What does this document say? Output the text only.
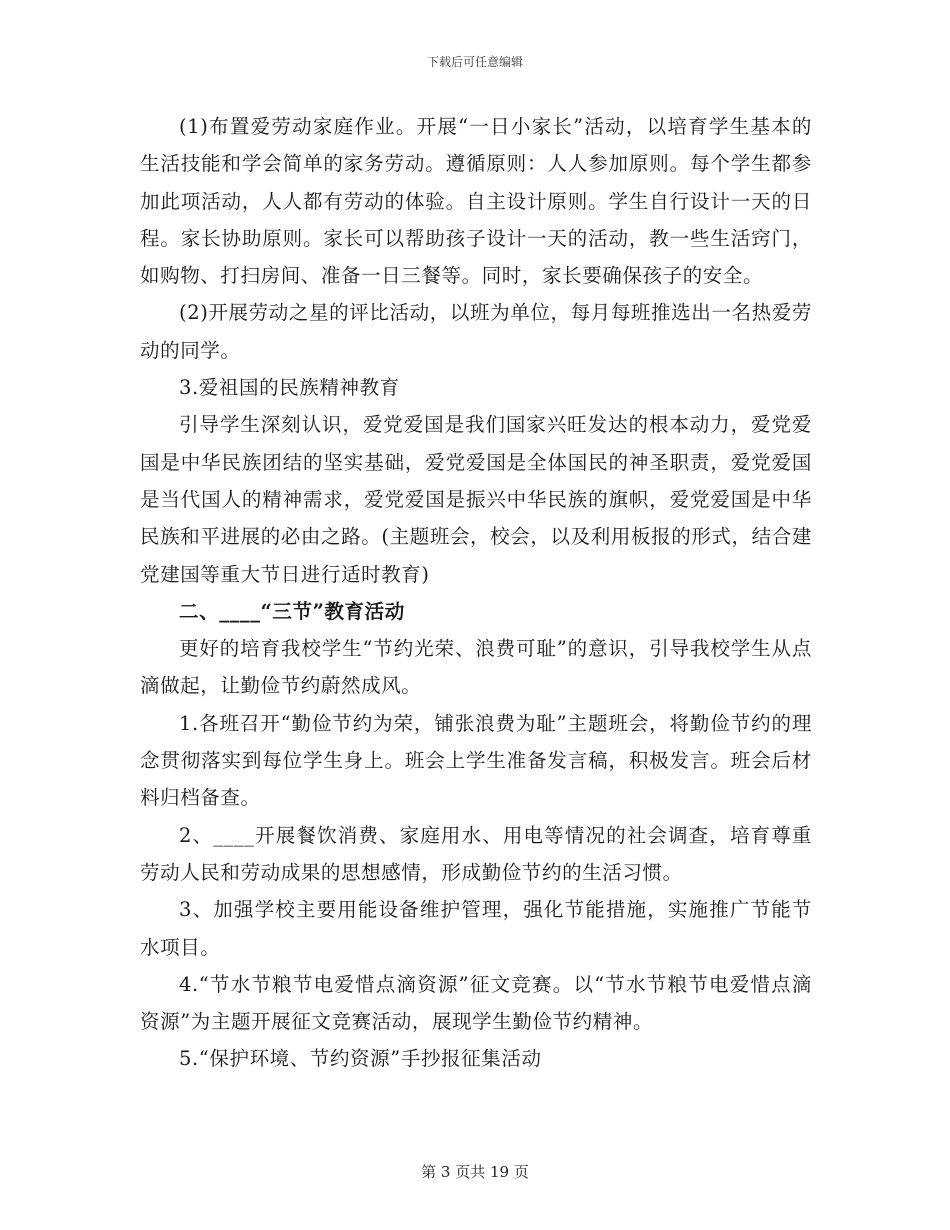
下载后可任意编辑

(1)布置爱劳动家庭作业。开展“一日小家长”活动，以培育学生基本的生活技能和学会简单的家务劳动。遵循原则：人人参加原则。每个学生都参加此项活动，人人都有劳动的体验。自主设计原则。学生自行设计一天的日程。家长协助原则。家长可以帮助孩子设计一天的活动，教一些生活窍门，如购物、打扫房间、准备一日三餐等。同时，家长要确保孩子的安全。

(2)开展劳动之星的评比活动，以班为单位，每月每班推选出一名热爱劳动的同学。

3.爱祖国的民族精神教育

引导学生深刻认识，爱党爱国是我们国家兴旺发达的根本动力，爱党爱国是中华民族团结的坚实基础，爱党爱国是全体国民的神圣职责，爱党爱国是当代国人的精神需求，爱党爱国是振兴中华民族的旗帜，爱党爱国是中华民族和平进展的必由之路。(主题班会，校会，以及利用板报的形式，结合建党建国等重大节日进行适时教育)

二、____“三节”教育活动

更好的培育我校学生“节约光荣、浪费可耻”的意识，引导我校学生从点滴做起，让勤俭节约蔚然成风。

1.各班召开“勤俭节约为荣，铺张浪费为耻”主题班会，将勤俭节约的理念贯彻落实到每位学生身上。班会上学生准备发言稿，积极发言。班会后材料归档备查。

2、____开展餐饮消费、家庭用水、用电等情况的社会调查，培育尊重劳动人民和劳动成果的思想感情，形成勤俭节约的生活习惯。

3、加强学校主要用能设备维护管理，强化节能措施，实施推广节能节水项目。

4.“节水节粮节电爱惜点滴资源”征文竞赛。以“节水节粮节电爱惜点滴资源”为主题开展征文竞赛活动，展现学生勤俭节约精神。

5.“保护环境、节约资源”手抄报征集活动

第 3 页共 19 页
